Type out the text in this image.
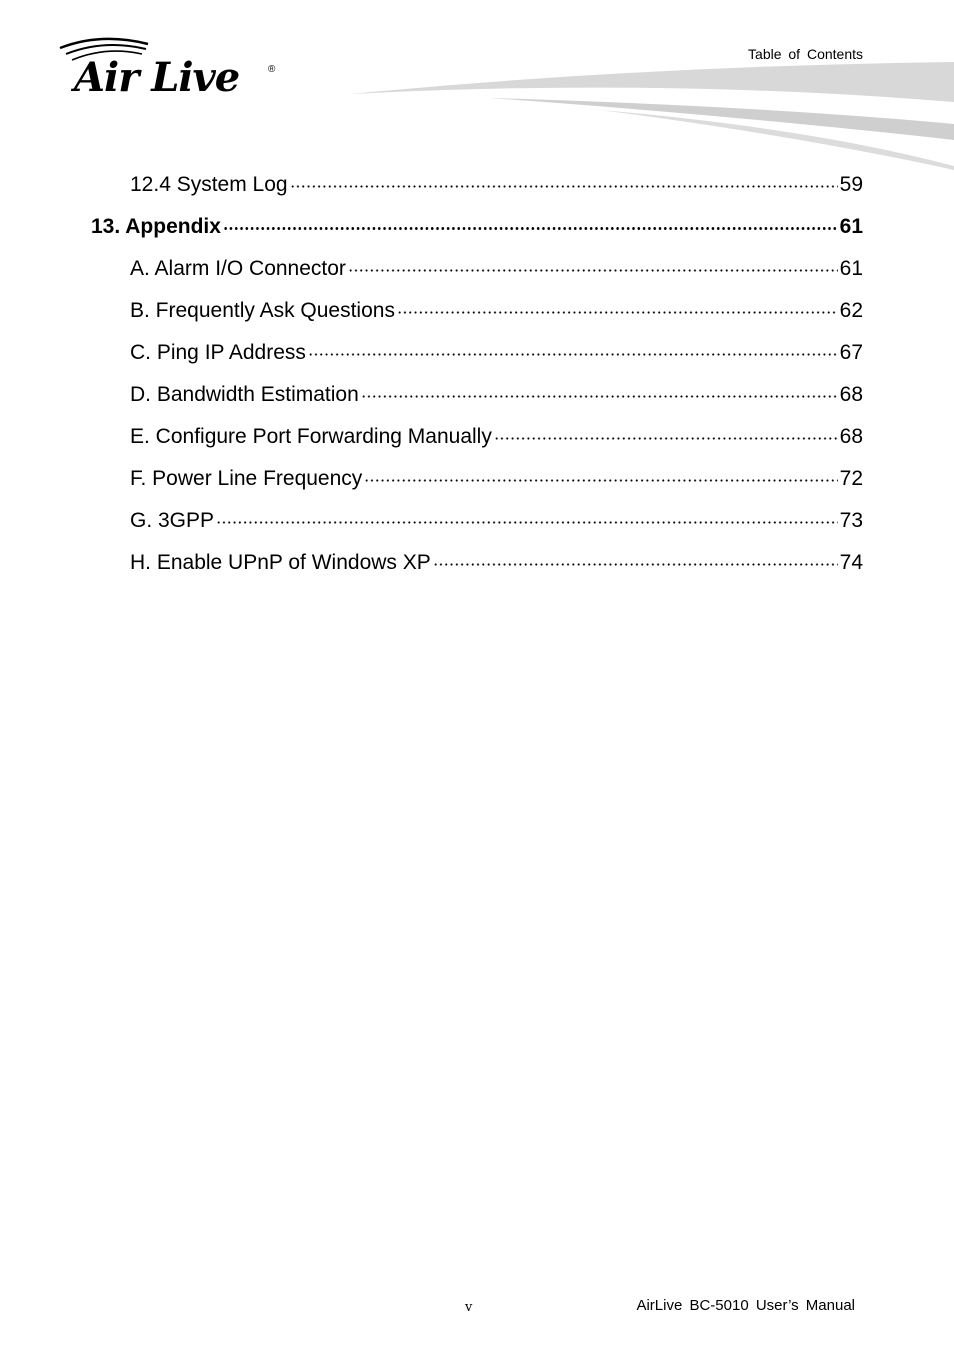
Air Live	®
Table of Contents
12.4 System Log	59
13. Appendix	61
A. Alarm I/O Connector	61
B. Frequently Ask Questions	62
C. Ping IP Address	67
D. Bandwidth Estimation	68
E. Configure Port Forwarding Manually	68
F. Power Line Frequency	72
G. 3GPP	73
H. Enable UPnP of Windows XP	74
v	AirLive BC-5010 User’s Manual
